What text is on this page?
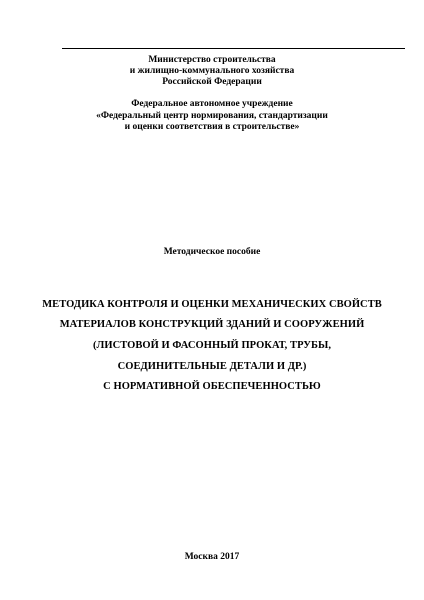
Министерство строительства
и жилищно-коммунального хозяйства
Российской Федерации
Федеральное автономное учреждение
«Федеральный центр нормирования, стандартизации
и оценки соответствия в строительстве»
Методическое пособие
МЕТОДИКА КОНТРОЛЯ И ОЦЕНКИ МЕХАНИЧЕСКИХ СВОЙСТВ
МАТЕРИАЛОВ КОНСТРУКЦИЙ ЗДАНИЙ И СООРУЖЕНИЙ
(ЛИСТОВОЙ И ФАСОННЫЙ ПРОКАТ, ТРУБЫ,
СОЕДИНИТЕЛЬНЫЕ ДЕТАЛИ И ДР.)
С НОРМАТИВНОЙ ОБЕСПЕЧЕННОСТЬЮ
Москва 2017
